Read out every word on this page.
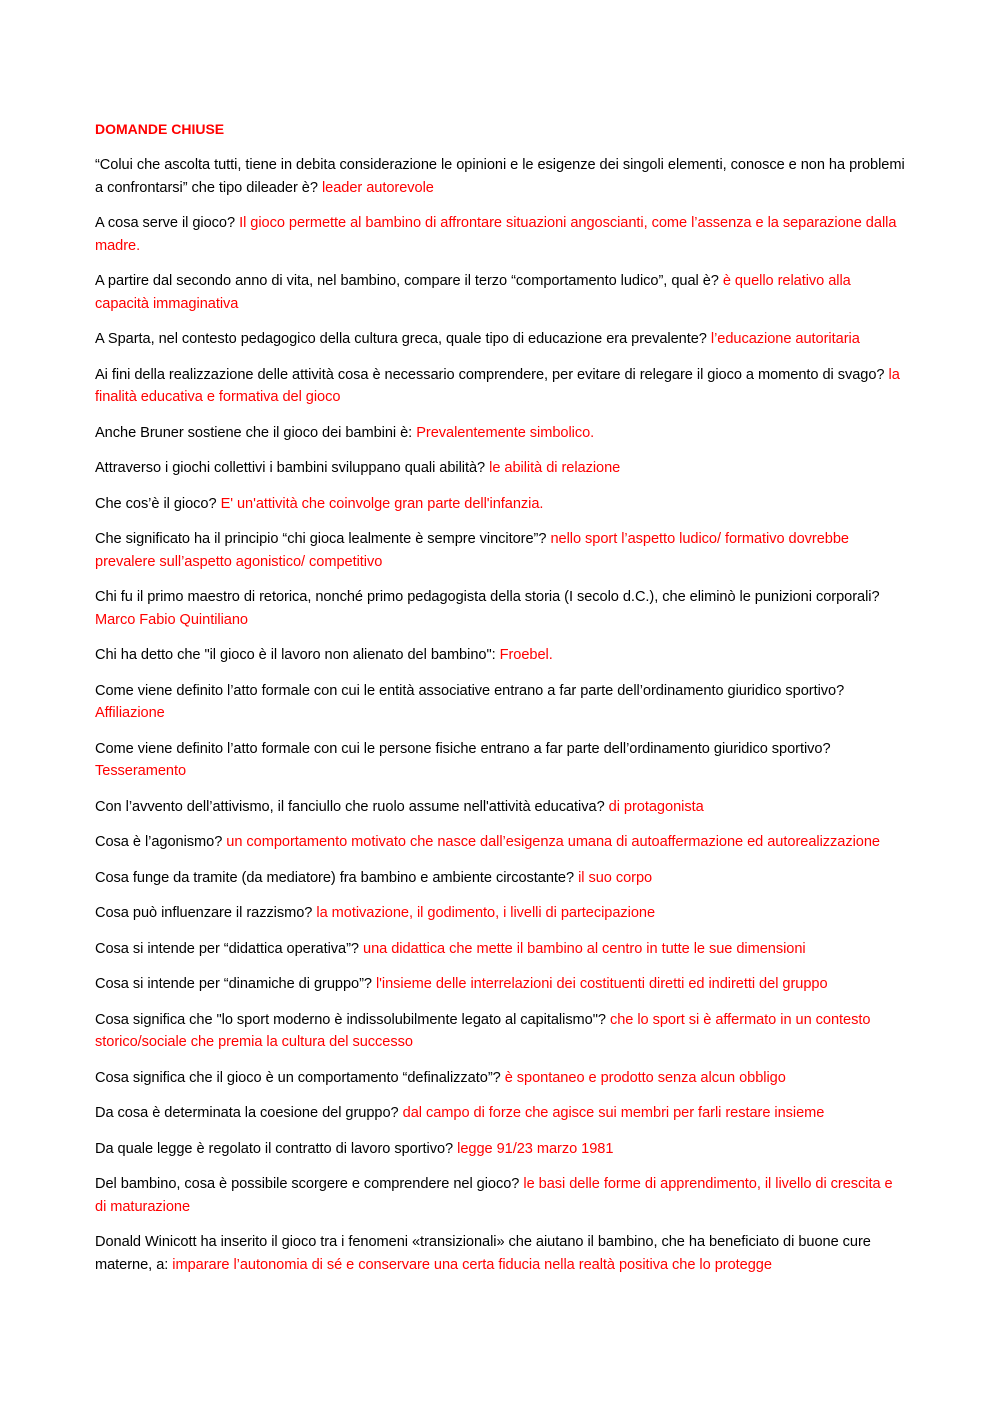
DOMANDE CHIUSE

“Colui che ascolta tutti, tiene in debita considerazione le opinioni e le esigenze dei singoli elementi, conosce e non ha problemi a confrontarsi” che tipo dileader è? leader autorevole

A cosa serve il gioco? Il gioco permette al bambino di affrontare situazioni angoscianti, come l’assenza e la separazione dalla madre.

A partire dal secondo anno di vita, nel bambino, compare il terzo “comportamento ludico”, qual è? è quello relativo alla capacità immaginativa

A Sparta, nel contesto pedagogico della cultura greca, quale tipo di educazione era prevalente? l’educazione autoritaria

Ai fini della realizzazione delle attività cosa è necessario comprendere, per evitare di relegare il gioco a momento di svago? la finalità educativa e formativa del gioco

Anche Bruner sostiene che il gioco dei bambini è: Prevalentemente simbolico.

Attraverso i giochi collettivi i bambini sviluppano quali abilità? le abilità di relazione

Che cos’è il gioco? E' un'attività che coinvolge gran parte dell'infanzia.

Che significato ha il principio “chi gioca lealmente è sempre vincitore”? nello sport l’aspetto ludico/ formativo dovrebbe prevalere sull’aspetto agonistico/ competitivo

Chi fu il primo maestro di retorica, nonché primo pedagogista della storia (I secolo d.C.), che eliminò le punizioni corporali? Marco Fabio Quintiliano

Chi ha detto che "il gioco è il lavoro non alienato del bambino": Froebel.

Come viene definito l’atto formale con cui le entità associative entrano a far parte dell’ordinamento giuridico sportivo? Affiliazione

Come viene definito l’atto formale con cui le persone fisiche entrano a far parte dell’ordinamento giuridico sportivo? Tesseramento

Con l’avvento dell’attivismo, il fanciullo che ruolo assume nell'attività educativa? di protagonista

Cosa è l’agonismo? un comportamento motivato che nasce dall’esigenza umana di autoaffermazione ed autorealizzazione

Cosa funge da tramite (da mediatore) fra bambino e ambiente circostante? il suo corpo

Cosa può influenzare il razzismo? la motivazione, il godimento, i livelli di partecipazione

Cosa si intende per “didattica operativa”? una didattica che mette il bambino al centro in tutte le sue dimensioni

Cosa si intende per “dinamiche di gruppo”? l'insieme delle interrelazioni dei costituenti diretti ed indiretti del gruppo

Cosa significa che "lo sport moderno è indissolubilmente legato al capitalismo"? che lo sport si è affermato in un contesto storico/sociale che premia la cultura del successo

Cosa significa che il gioco è un comportamento “definalizzato”? è spontaneo e prodotto senza alcun obbligo

Da cosa è determinata la coesione del gruppo? dal campo di forze che agisce sui membri per farli restare insieme

Da quale legge è regolato il contratto di lavoro sportivo? legge 91/23 marzo 1981

Del bambino, cosa è possibile scorgere e comprendere nel gioco? le basi delle forme di apprendimento, il livello di crescita e di maturazione

Donald Winicott ha inserito il gioco tra i fenomeni «transizionali» che aiutano il bambino, che ha beneficiato di buone cure materne, a: imparare l’autonomia di sé e conservare una certa fiducia nella realtà positiva che lo protegge
